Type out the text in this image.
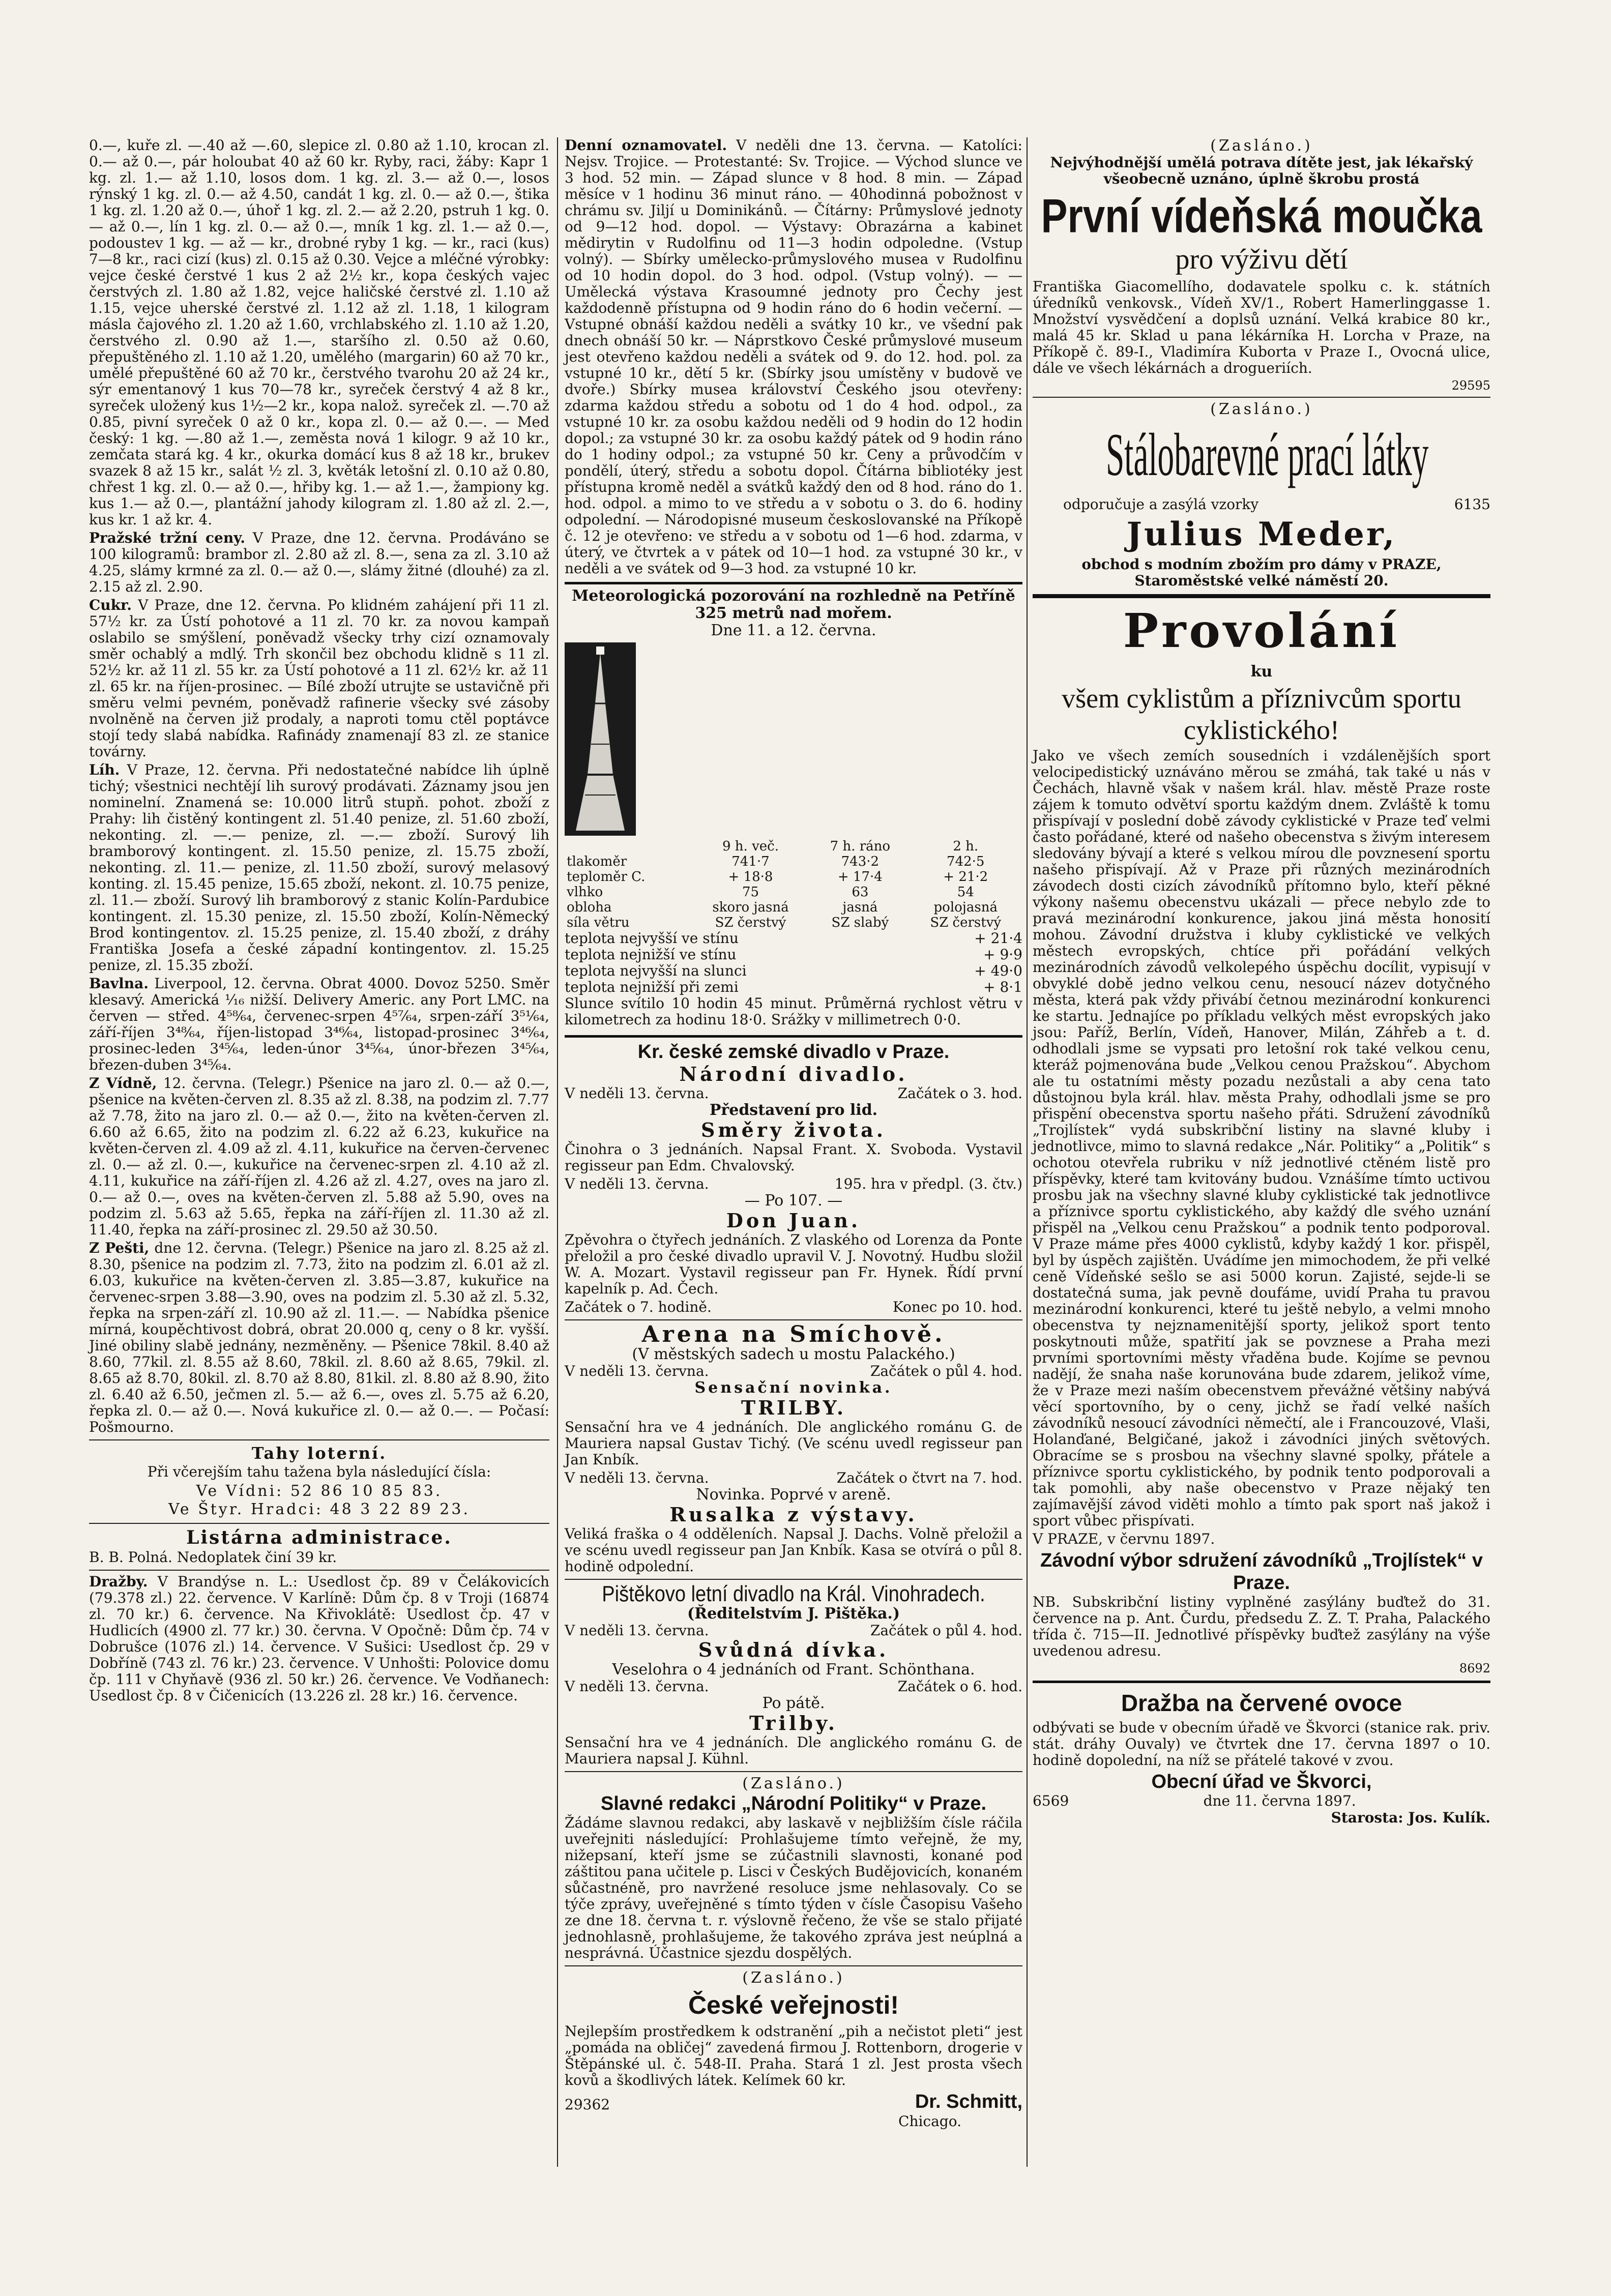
0.—, kuře zl. —.40 až —.60, slepice zl. 0.80 až 1.10, krocan zl. 0.— až 0.—, pár holoubat 40 až 60 kr. Ryby, raci, žáby: Kapr 1 kg. zl. 1.— až 1.10, losos dom. 1 kg. zl. 3.— až 0.—, losos rýnský 1 kg. zl. 0.— až 4.50, candát 1 kg. zl. 0.— až 0.—, štika 1 kg. zl. 1.20 až 0.—, úhoř 1 kg. zl. 2.— až 2.20, pstruh 1 kg. 0.— až 0.—, lín 1 kg. zl. 0.— až 0.—, mník 1 kg. zl. 1.— až 0.—, podoustev 1 kg. — až — kr., drobné ryby 1 kg. — kr., raci (kus) 7—8 kr., raci cizí (kus) zl. 0.15 až 0.30. Vejce a mléčné výrobky: vejce české čerstvé 1 kus 2 až 2½ kr., kopa českých vajec čerstvých zl. 1.80 až 1.82, vejce haličské čerstvé zl. 1.10 až 1.15, vejce uherské čerstvé zl. 1.12 až zl. 1.18, 1 kilogram másla čajového zl. 1.20 až 1.60, vrchlabského zl. 1.10 až 1.20, čerstvého zl. 0.90 až 1.—, staršího zl. 0.50 až 0.60, přepuštěného zl. 1.10 až 1.20, umělého (margarin) 60 až 70 kr., umělé přepuštěné 60 až 70 kr., čerstvého tvarohu 20 až 24 kr., sýr ementanový 1 kus 70—78 kr., syreček čerstvý 4 až 8 kr., syreček uložený kus 1½—2 kr., kopa nalož. syreček zl. —.70 až 0.85, pivní syreček 0 až 0 kr., kopa zl. 0.— až 0.—. — Med český: 1 kg. —.80 až 1.—, zeměsta nová 1 kilogr. 9 až 10 kr., zemčata stará kg. 4 kr., okurka domácí kus 8 až 18 kr., brukev svazek 8 až 15 kr., salát ½ zl. 3, květák letošní zl. 0.10 až 0.80, chřest 1 kg. zl. 0.— až 0.—, hřiby kg. 1.— až 1.—, žampiony kg. kus 1.— až 0.—, plantážní jahody kilogram zl. 1.80 až zl. 2.—, kus kr. 1 až kr. 4.

Pražské tržní ceny. V Praze, dne 12. června. Prodáváno se 100 kilogramů: brambor zl. 2.80 až zl. 8.—, sena za zl. 3.10 až 4.25, slámy krmné za zl. 0.— až 0.—, slámy žitné (dlouhé) za zl. 2.15 až zl. 2.90.

Cukr. V Praze, dne 12. června. Po klidném zahájení při 11 zl. 57½ kr. za Ústí pohotové a 11 zl. 70 kr. za novou kampaň oslabilo se smýšlení, poněvadž všecky trhy cizí oznamovaly směr ochablý a mdlý. Trh skončil bez obchodu klidně s 11 zl. 52½ kr. až 11 zl. 55 kr. za Ústí pohotové a 11 zl. 62½ kr. až 11 zl. 65 kr. na říjen-prosinec. — Bílé zboží utrujte se ustavičně při směru velmi pevném, poněvadž rafinerie všecky své zásoby nvolněně na červen již prodaly, a naproti tomu ctěl poptávce stojí tedy slabá nabídka. Rafinády znamenají 83 zl. ze stanice továrny.

Líh. V Praze, 12. června. Při nedostatečné nabídce lih úplně tichý; všestnici nechtějí lih surový prodávati. Záznamy jsou jen nominelní. Znamená se: 10.000 litrů stupň. pohot. zboží z Prahy: lih čistěný kontingent zl. 51.40 penize, zl. 51.60 zboží, nekonting. zl. —.— penize, zl. —.— zboží. Surový lih bramborový kontingent. zl. 15.50 penize, zl. 15.75 zboží, nekonting. zl. 11.— penize, zl. 11.50 zboží, surový melasový konting. zl. 15.45 penize, 15.65 zboží, nekont. zl. 10.75 penize, zl. 11.— zboží. Surový lih bramborový z stanic Kolín-Pardubice kontingent. zl. 15.30 penize, zl. 15.50 zboží, Kolín-Německý Brod kontingentov. zl. 15.25 penize, zl. 15.40 zboží, z dráhy Františka Josefa a české západní kontingentov. zl. 15.25 penize, zl. 15.35 zboží.

Bavlna. Liverpool, 12. června. Obrat 4000. Dovoz 5250. Směr klesavý. Americká ¹⁄₁₆ nižší. Delivery Americ. any Port LMC. na červen — střed. 4⁵⁸⁄₆₄, červenec-srpen 4⁵⁷⁄₆₄, srpen-září 3⁵¹⁄₆₄, září-říjen 3⁴⁸⁄₆₄, říjen-listopad 3⁴⁶⁄₆₄, listopad-prosinec 3⁴⁶⁄₆₄, prosinec-leden 3⁴⁵⁄₆₄, leden-únor 3⁴⁵⁄₆₄, únor-březen 3⁴⁵⁄₆₄, březen-duben 3⁴⁵⁄₆₄.

Z Vídně, 12. června. (Telegr.) Pšenice na jaro zl. 0.— až 0.—, pšenice na květen-červen zl. 8.35 až zl. 8.38, na podzim zl. 7.77 až 7.78, žito na jaro zl. 0.— až 0.—, žito na květen-červen zl. 6.60 až 6.65, žito na podzim zl. 6.22 až 6.23, kukuřice na květen-červen zl. 4.09 až zl. 4.11, kukuřice na červen-červenec zl. 0.— až zl. 0.—, kukuřice na červenec-srpen zl. 4.10 až zl. 4.11, kukuřice na září-říjen zl. 4.26 až zl. 4.27, oves na jaro zl. 0.— až 0.—, oves na květen-červen zl. 5.88 až 5.90, oves na podzim zl. 5.63 až 5.65, řepka na září-říjen zl. 11.30 až zl. 11.40, řepka na září-prosinec zl. 29.50 až 30.50.

Z Pešti, dne 12. června. (Telegr.) Pšenice na jaro zl. 8.25 až zl. 8.30, pšenice na podzim zl. 7.73, žito na podzim zl. 6.01 až zl. 6.03, kukuřice na květen-červen zl. 3.85—3.87, kukuřice na červenec-srpen 3.88—3.90, oves na podzim zl. 5.30 až zl. 5.32, řepka na srpen-září zl. 10.90 až zl. 11.—. — Nabídka pšenice mírná, koupěchtivost dobrá, obrat 20.000 q, ceny o 8 kr. vyšší. Jiné obiliny slabě jednány, nezměněny. — Pšenice 78kil. 8.40 až 8.60, 77kil. zl. 8.55 až 8.60, 78kil. zl. 8.60 až 8.65, 79kil. zl. 8.65 až 8.70, 80kil. zl. 8.70 až 8.80, 81kil. zl. 8.80 až 8.90, žito zl. 6.40 až 6.50, ječmen zl. 5.— až 6.—, oves zl. 5.75 až 6.20, řepka zl. 0.— až 0.—. Nová kukuřice zl. 0.— až 0.—. — Počasí: Pošmourno.

Tahy loterní.

Při včerejším tahu tažena byla následující čísla:

Ve Vídni: 52 86 10 85 83.
Ve Štyr. Hradci: 48 3 22 89 23.
Listárna administrace.

B. B. Polná. Nedoplatek činí 39 kr.

Dražby. V Brandýse n. L.: Usedlost čp. 89 v Čelákovicích (79.378 zl.) 22. července. V Karlíně: Dům čp. 8 v Troji (16874 zl. 70 kr.) 6. července. Na Křivoklátě: Usedlost čp. 47 v Hudlicích (4900 zl. 77 kr.) 30. června. V Opočně: Dům čp. 74 v Dobrušce (1076 zl.) 14. července. V Sušici: Usedlost čp. 29 v Dobříně (743 zl. 76 kr.) 23. července. V Unhošti: Polovice domu čp. 111 v Chyňavě (936 zl. 50 kr.) 26. července. Ve Vodňanech: Usedlost čp. 8 v Čičenicích (13.226 zl. 28 kr.) 16. července.

Denní oznamovatel. V neděli dne 13. června. — Katolíci: Nejsv. Trojice. — Protestanté: Sv. Trojice. — Východ slunce ve 3 hod. 52 min. — Západ slunce v 8 hod. 8 min. — Západ měsíce v 1 hodinu 36 minut ráno. — 40hodinná pobožnost v chrámu sv. Jiljí u Dominikánů. — Čítárny: Průmyslové jednoty od 9—12 hod. dopol. — Výstavy: Obrazárna a kabinet mědirytin v Rudolfinu od 11—3 hodin odpoledne. (Vstup volný). — Sbírky umělecko-průmyslového musea v Rudolfinu od 10 hodin dopol. do 3 hod. odpol. (Vstup volný). — — Umělecká výstava Krasoumné jednoty pro Čechy jest každodenně přístupna od 9 hodin ráno do 6 hodin večerní. — Vstupné obnáší každou neděli a svátky 10 kr., ve všední pak dnech obnáší 50 kr. — Náprstkovo České průmyslové museum jest otevřeno každou neděli a svátek od 9. do 12. hod. pol. za vstupné 10 kr., dětí 5 kr. (Sbírky jsou umístěny v budově ve dvoře.) Sbírky musea království Českého jsou otevřeny: zdarma každou středu a sobotu od 1 do 4 hod. odpol., za vstupné 10 kr. za osobu každou neděli od 9 hodin do 12 hodin dopol.; za vstupné 30 kr. za osobu každý pátek od 9 hodin ráno do 1 hodiny odpol.; za vstupné 50 kr. Ceny a průvodčím v pondělí, úterý, středu a sobotu dopol. Čítárna bibliotéky jest přístupna kromě neděl a svátků každý den od 8 hod. ráno do 1. hod. odpol. a mimo to ve středu a v sobotu o 3. do 6. hodiny odpolední. — Národopisné museum českoslovanské na Příkopě č. 12 je otevřeno: ve středu a v sobotu od 1—6 hod. zdarma, v úterý, ve čtvrtek a v pátek od 10—1 hod. za vstupné 30 kr., v neděli a ve svátek od 9—3 hod. za vstupné 10 kr.

Meteorologická pozorování na rozhledně na Petříně
325 metrů nad mořem.
Dne 11. a 12. června.
	9 h. več.	7 h. ráno	2 h.
tlakoměr	741·7	743·2	742·5
teploměr C.	+ 18·8	+ 17·4	+ 21·2
vlhko	75	63	54
obloha	skoro jasná	jasná	polojasná
síla větru	SZ čerstvý	SZ slabý	SZ čerstvý
teplota nejvyšší ve stínu	+ 21·4
teplota nejnižší ve stínu	+ 9·9
teplota nejvyšší na slunci	+ 49·0
teplota nejnižší při zemi	+ 8·1

Slunce svítilo 10 hodin 45 minut. Průměrná rychlost větru v kilometrech za hodinu 18·0. Srážky v millimetrech 0·0.

Kr. české zemské divadlo v Praze.
Národní divadlo.
V neděli 13. června.	Začátek o 3. hod.
Představení pro lid.
Směry života.

Činohra o 3 jednáních. Napsal Frant. X. Svoboda. Vystavil regisseur pan Edm. Chvalovský.

V neděli 13. června.	195. hra v předpl. (3. čtv.)
— Po 107. —
Don Juan.

Zpěvohra o čtyřech jednáních. Z vlaského od Lorenza da Ponte přeložil a pro české divadlo upravil V. J. Novotný. Hudbu složil W. A. Mozart. Vystavil regisseur pan Fr. Hynek. Řídí první kapelník p. Ad. Čech.

Začátek o 7. hodině.	Konec po 10. hod.
Arena na Smíchově.
(V městských sadech u mostu Palackého.)
V neděli 13. června.	Začátek o půl 4. hod.
Sensační novinka.
TRILBY.

Sensační hra ve 4 jednáních. Dle anglického románu G. de Mauriera napsal Gustav Tichý. (Ve scénu uvedl regisseur pan Jan Knbík.

V neděli 13. června.	Začátek o čtvrt na 7. hod.
Novinka. Poprvé v areně.
Rusalka z výstavy.

Veliká fraška o 4 odděleních. Napsal J. Dachs. Volně přeložil a ve scénu uvedl regisseur pan Jan Knbík. Kasa se otvírá o půl 8. hodině odpolední.

Pištěkovo letní divadlo na Král. Vinohradech.
(Ředitelstvím J. Pištěka.)
V neděli 13. června.	Začátek o půl 4. hod.
Svůdná dívka.
Veselohra o 4 jednáních od Frant. Schönthana.
V neděli 13. června.	Začátek o 6. hod.
Po pátě.
Trilby.

Sensační hra ve 4 jednáních. Dle anglického románu G. de Mauriera napsal J. Kühnl.

(Zasláno.)
Slavné redakci „Národní Politiky“ v Praze.

Žádáme slavnou redakci, aby laskavě v nejbližším čísle ráčila uveřejniti následující: Prohlašujeme tímto veřejně, že my, nižepsaní, kteří jsme se zúčastnili slavnosti, konané pod záštitou pana učitele p. Lisci v Českých Budějovicích, konaném sůčastnéně, pro navržené resoluce jsme nehlasovaly. Co se týče zprávy, uveřejněné s tímto týden v čísle Časopisu Vašeho ze dne 18. června t. r. výslovně řečeno, že vše se stalo přijaté jednohlasně, prohlašujeme, že takového zpráva jest neúplná a nesprávná. Účastnice sjezdu dospělých.

(Zasláno.)
České veřejnosti!

Nejlepším prostředkem k odstranění „pih a nečistot pleti“ jest „pomáda na obličej“ zavedená firmou J. Rottenborn, drogerie v Štěpánské ul. č. 548-II. Praha. Stará 1 zl. Jest prosta všech kovů a škodlivých látek. Kelímek 60 kr.

29362	Dr. Schmitt,
Chicago.
(Zasláno.)

Nejvýhodnější umělá potrava dítěte jest, jak lékařský všeobecně uznáno, úplně škrobu prostá

První vídeňská moučka
pro výživu dětí

Františka Giacomellího, dodavatele spolku c. k. státních úředníků venkovsk., Vídeň XV/1., Robert Hamerlinggasse 1. Množství vysvědčení a doplsů uznání. Velká krabice 80 kr., malá 45 kr. Sklad u pana lékárníka H. Lorcha v Praze, na Příkopě č. 89-I., Vladimíra Kuborta v Praze I., Ovocná ulice, dále ve všech lékárnách a drogueriích.

29595
(Zasláno.)
Stálobarevné prací látky
odporučuje a zasýlá vzorky	6135
Julius Meder,

obchod s modním zbožím pro dámy v PRAZE, Staroměstské velké náměstí 20.

Provolání
ku
všem cyklistům a příznivcům sportu cyklistického!

Jako ve všech zemích sousedních i vzdálenějších sport velocipedistický uznáváno měrou se zmáhá, tak také u nás v Čechách, hlavně však v našem král. hlav. městě Praze roste zájem k tomuto odvětví sportu každým dnem. Zvláště k tomu přispívají v poslední době závody cyklistické v Praze teď velmi často pořádané, které od našeho obecenstva s živým interesem sledovány bývají a které s velkou mírou dle povznesení sportu našeho přispívají. Až v Praze při různých mezinárodních závodech dosti cizích závodníků přítomno bylo, kteří pěkné výkony našemu obecenstvu ukázali — přece nebylo zde to pravá mezinárodní konkurence, jakou jiná města honosití mohou. Závodní družstva i kluby cyklistické ve velkých městech evropských, chtíce při pořádání velkých mezinárodních závodů velkolepého úspěchu docílit, vypisují v obvyklé době jedno velkou cenu, nesoucí název dotyčného města, která pak vždy přivábí četnou mezinárodní konkurenci ke startu. Jednajíce po příkladu velkých měst evropských jako jsou: Paříž, Berlín, Vídeň, Hanover, Milán, Záhřeb a t. d. odhodlali jsme se vypsati pro letošní rok také velkou cenu, kteráž pojmenována bude „Velkou cenou Pražskou“. Abychom ale tu ostatními městy pozadu nezůstali a aby cena tato důstojnou byla král. hlav. města Prahy, odhodlali jsme se pro přispění obecenstva sportu našeho přáti. Sdružení závodníků „Trojlístek“ vydá subskribční listiny na slavné kluby i jednotlivce, mimo to slavná redakce „Nár. Politiky“ a „Politik“ s ochotou otevřela rubriku v níž jednotlivé ctěném listě pro příspěvky, které tam kvitovány budou. Vznášíme tímto uctivou prosbu jak na všechny slavné kluby cyklistické tak jednotlivce a příznivce sportu cyklistického, aby každý dle svého uznání přispěl na „Velkou cenu Pražskou“ a podnik tento podporoval. V Praze máme přes 4000 cyklistů, kdyby každý 1 kor. přispěl, byl by úspěch zajištěn. Uvádíme jen mimochodem, že při velké ceně Vídeňské sešlo se asi 5000 korun. Zajisté, sejde-li se dostatečná suma, jak pevně doufáme, uvidí Praha tu pravou mezinárodní konkurenci, které tu ještě nebylo, a velmi mnoho obecenstva ty nejznamenitější sporty, jelikož sport tento poskytnouti může, spatřití jak se povznese a Praha mezi prvními sportovními městy vřaděna bude. Kojíme se pevnou nadějí, že snaha naše korunována bude zdarem, jelikož víme, že v Praze mezi naším obecenstvem převážné většiny nabývá věcí sportovního, by o ceny, jichž se řadí velké naších závodníků nesoucí závodníci němečtí, ale i Francouzové, Vlaši, Holanďané, Belgičané, jakož i závodníci jiných světových. Obracíme se s prosbou na všechny slavné spolky, přátele a příznivce sportu cyklistického, by podnik tento podporovali a tak pomohli, aby naše obecenstvo v Praze nějaký ten zajímavější závod viděti mohlo a tímto pak sport naš jakož i sport vůbec přispívati.

V PRAZE, v červnu 1897.

Závodní výbor sdružení závodníků „Trojlístek“ v Praze.

NB. Subskribční listiny vyplněné zasýlány buďtež do 31. července na p. Ant. Čurdu, předsedu Z. Z. T. Praha, Palackého třída č. 715—II. Jednotlivé příspěvky buďtež zasýlány na výše uvedenou adresu.

8692
Dražba na červené ovoce

odbývati se bude v obecním úřadě ve Škvorci (stanice rak. priv. stát. dráhy Ouvaly) ve čtvrtek dne 17. června 1897 o 10. hodině dopolední, na níž se přátelé takové v zvou.

Obecní úřad ve Škvorci,
6569	dne 11. června 1897.
Starosta: Jos. Kulík.
